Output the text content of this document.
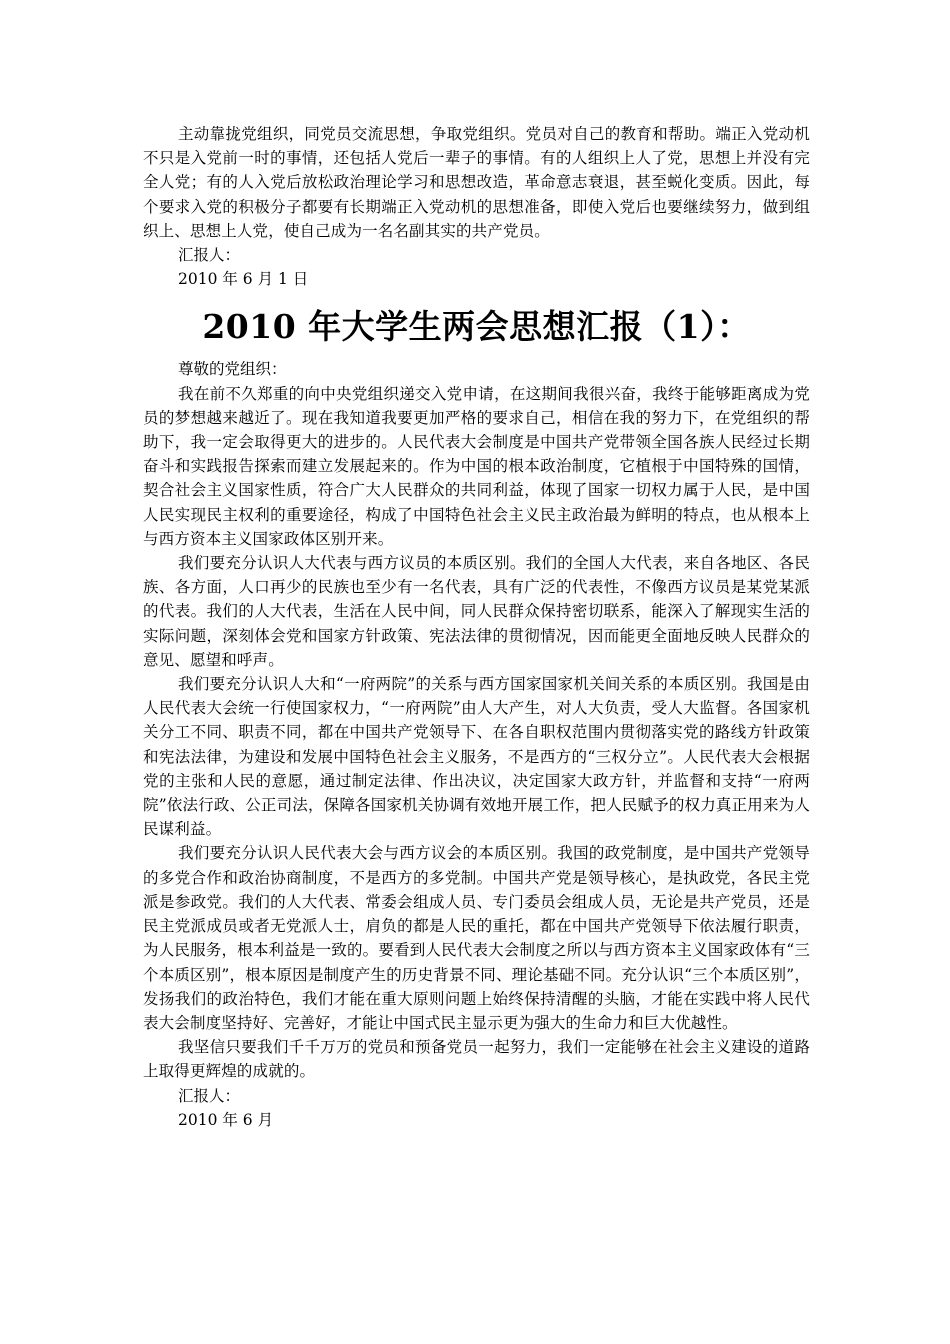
主动靠拢党组织，同党员交流思想，争取党组织。党员对自己的教育和帮助。端正入党动机不只是入党前一时的事情，还包括人党后一辈子的事情。有的人组织上人了党，思想上并没有完全人党；有的人入党后放松政治理论学习和思想改造，革命意志衰退，甚至蜕化变质。因此，每个要求入党的积极分子都要有长期端正入党动机的思想准备，即使入党后也要继续努力，做到组织上、思想上人党，使自己成为一名名副其实的共产党员。

汇报人：

2010 年 6 月 1 日

2010 年大学生两会思想汇报（1）：

尊敬的党组织：

我在前不久郑重的向中央党组织递交入党申请，在这期间我很兴奋，我终于能够距离成为党员的梦想越来越近了。现在我知道我要更加严格的要求自己，相信在我的努力下，在党组织的帮助下，我一定会取得更大的进步的。人民代表大会制度是中国共产党带领全国各族人民经过长期奋斗和实践报告探索而建立发展起来的。作为中国的根本政治制度，它植根于中国特殊的国情，契合社会主义国家性质，符合广大人民群众的共同利益，体现了国家一切权力属于人民，是中国人民实现民主权利的重要途径，构成了中国特色社会主义民主政治最为鲜明的特点，也从根本上与西方资本主义国家政体区别开来。

我们要充分认识人大代表与西方议员的本质区别。我们的全国人大代表，来自各地区、各民族、各方面，人口再少的民族也至少有一名代表，具有广泛的代表性，不像西方议员是某党某派的代表。我们的人大代表，生活在人民中间，同人民群众保持密切联系，能深入了解现实生活的实际问题，深刻体会党和国家方针政策、宪法法律的贯彻情况，因而能更全面地反映人民群众的意见、愿望和呼声。

我们要充分认识人大和“一府两院”的关系与西方国家国家机关间关系的本质区别。我国是由人民代表大会统一行使国家权力，“一府两院”由人大产生，对人大负责，受人大监督。各国家机关分工不同、职责不同，都在中国共产党领导下、在各自职权范围内贯彻落实党的路线方针政策和宪法法律，为建设和发展中国特色社会主义服务，不是西方的“三权分立”。人民代表大会根据党的主张和人民的意愿，通过制定法律、作出决议，决定国家大政方针，并监督和支持“一府两院”依法行政、公正司法，保障各国家机关协调有效地开展工作，把人民赋予的权力真正用来为人民谋利益。

我们要充分认识人民代表大会与西方议会的本质区别。我国的政党制度，是中国共产党领导的多党合作和政治协商制度，不是西方的多党制。中国共产党是领导核心，是执政党，各民主党派是参政党。我们的人大代表、常委会组成人员、专门委员会组成人员，无论是共产党员，还是民主党派成员或者无党派人士，肩负的都是人民的重托，都在中国共产党领导下依法履行职责，为人民服务，根本利益是一致的。要看到人民代表大会制度之所以与西方资本主义国家政体有“三个本质区别”，根本原因是制度产生的历史背景不同、理论基础不同。充分认识“三个本质区别”，发扬我们的政治特色，我们才能在重大原则问题上始终保持清醒的头脑，才能在实践中将人民代表大会制度坚持好、完善好，才能让中国式民主显示更为强大的生命力和巨大优越性。

我坚信只要我们千千万万的党员和预备党员一起努力，我们一定能够在社会主义建设的道路上取得更辉煌的成就的。

汇报人：

2010 年 6 月
